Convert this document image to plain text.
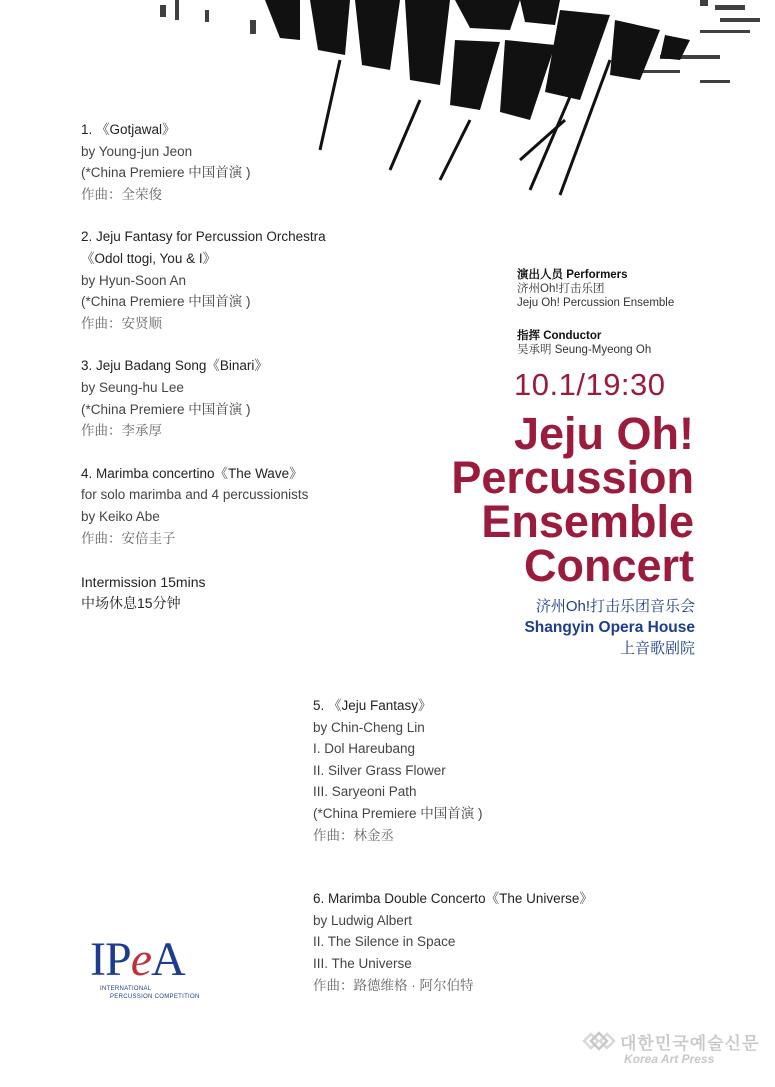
1. 《Gotjawal》
by Young-jun Jeon
(*China Premiere 中国首演 )
作曲：全荣俊
2. Jeju Fantasy for Percussion Orchestra
《Odol ttogi, You & I》
by Hyun-Soon An
(*China Premiere 中国首演 )
作曲：安贤顺
3. Jeju Badang Song《Binari》
by Seung-hu Lee
(*China Premiere 中国首演 )
作曲：李承厚
4. Marimba concertino《The Wave》
for solo marimba and 4 percussionists
by Keiko Abe
作曲：安倍圭子
Intermission 15mins
中场休息15分钟
演出人员 Performers
济州Oh!打击乐团
Jeju Oh! Percussion Ensemble
指挥 Conductor
吴承明 Seung-Myeong Oh
10.1/19:30
Jeju Oh!
Percussion
Ensemble
Concert
济州Oh!打击乐团音乐会
Shangyin Opera House
上音歌剧院
5. 《Jeju Fantasy》
by Chin-Cheng Lin
I. Dol Hareubang
II. Silver Grass Flower
III. Saryeoni Path
(*China Premiere 中国首演 )
作曲：林金丞
6. Marimba Double Concerto《The Universe》
by Ludwig Albert
II. The Silence in Space
III. The Universe
作曲：路德维格 · 阿尔伯特
IPeA
INTERNATIONAL
PERCUSSION COMPETITION
대한민국예술신문
Korea Art Press
